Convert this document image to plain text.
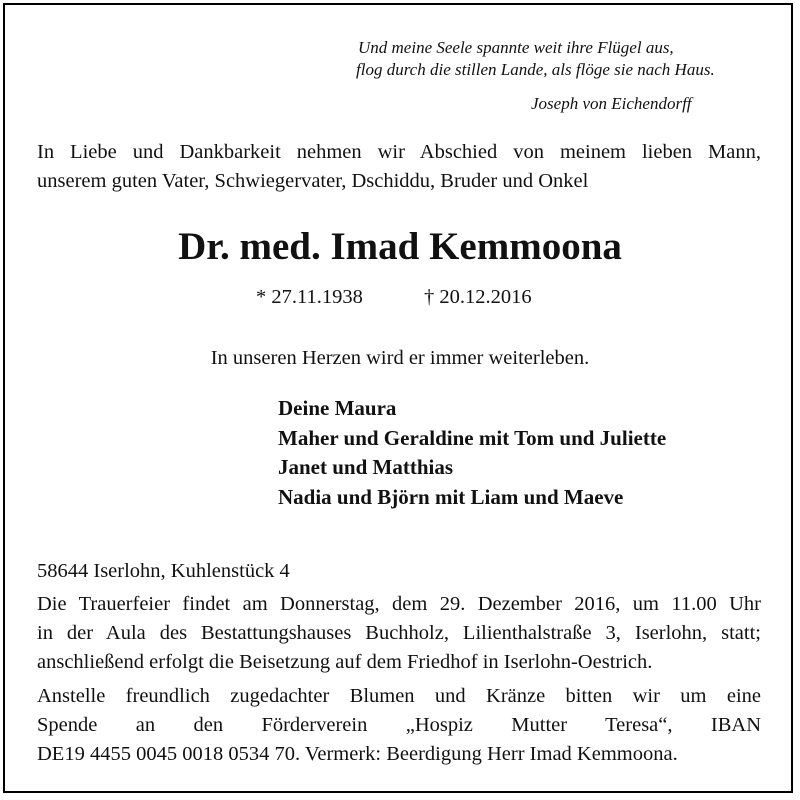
Und meine Seele spannte weit ihre Flügel aus,
flog durch die stillen Lande, als flöge sie nach Haus.
Joseph von Eichendorff
In Liebe und Dankbarkeit nehmen wir Abschied von meinem lieben Mann,
unserem guten Vater, Schwiegervater, Dschiddu, Bruder und Onkel
Dr. med. Imad Kemmoona
* 27.11.1938	† 20.12.2016
In unseren Herzen wird er immer weiterleben.
Deine Maura
Maher und Geraldine mit Tom und Juliette
Janet und Matthias
Nadia und Björn mit Liam und Maeve
58644 Iserlohn, Kuhlenstück 4
Die Trauerfeier findet am Donnerstag, dem 29. Dezember 2016, um 11.00 Uhr
in der Aula des Bestattungshauses Buchholz, Lilienthalstraße 3, Iserlohn, statt;
anschließend erfolgt die Beisetzung auf dem Friedhof in Iserlohn-Oestrich.
Anstelle freundlich zugedachter Blumen und Kränze bitten wir um eine
Spende an den Förderverein „Hospiz Mutter Teresa“, IBAN
DE19 4455 0045 0018 0534 70. Vermerk: Beerdigung Herr Imad Kemmoona.
